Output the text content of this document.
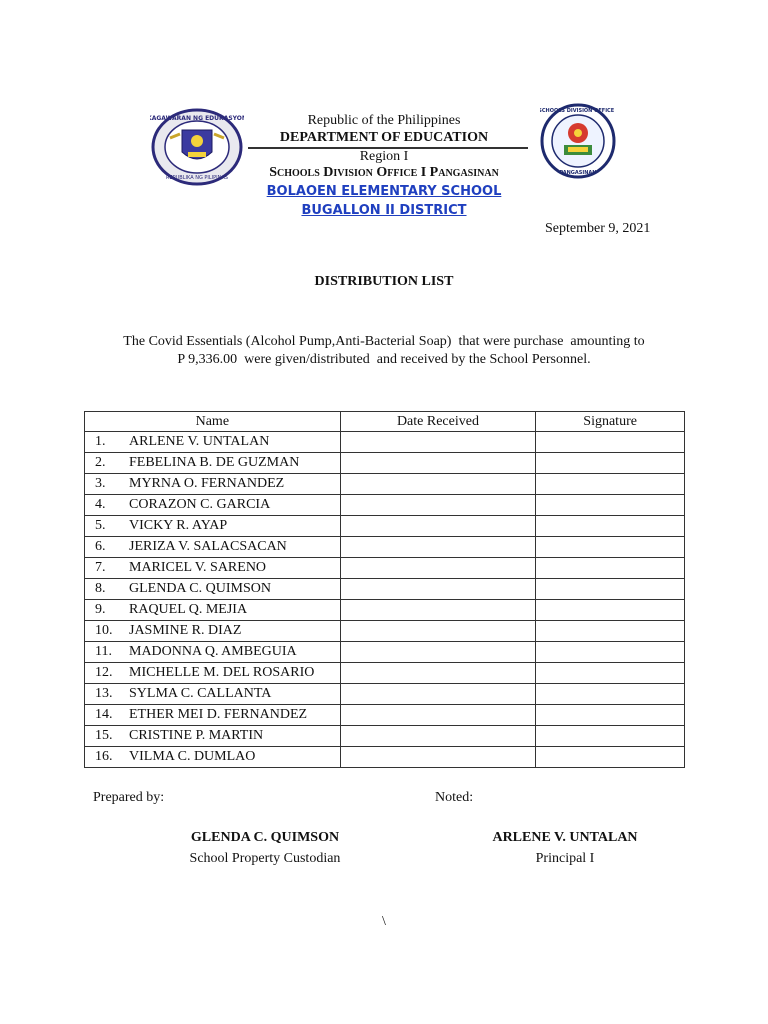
KAGAWARAN NG EDUKASYON
REPUBLIKA NG PILIPINAS
SCHOOLS DIVISION OFFICE I
PANGASINAN
Republic of the Philippines
DEPARTMENT OF EDUCATION
Region I
Schools Division Office I Pangasinan
BOLAOEN ELEMENTARY SCHOOL
BUGALLON II DISTRICT
September 9, 2021
DISTRIBUTION LIST
The Covid Essentials (Alcohol Pump,Anti-Bacterial Soap)  that were purchase  amounting to
P 9,336.00  were given/distributed  and received by the School Personnel.
Name	Date Received	Signature

1. ARLENE V. UNTALAN		

2. FEBELINA B. DE GUZMAN		

3. MYRNA O. FERNANDEZ		

4. CORAZON C. GARCIA		

5. VICKY R. AYAP		

6. JERIZA V. SALACSACAN		

7. MARICEL V. SARENO		

8. GLENDA C. QUIMSON		

9. RAQUEL Q. MEJIA		

10. JASMINE R. DIAZ		

11. MADONNA Q. AMBEGUIA		

12. MICHELLE M. DEL ROSARIO		

13. SYLMA C. CALLANTA		

14. ETHER MEI D. FERNANDEZ		

15. CRISTINE P. MARTIN		

16. VILMA C. DUMLAO		

Prepared by:	Noted:
GLENDA C. QUIMSON
School Property Custodian
ARLENE V. UNTALAN
Principal I
\
